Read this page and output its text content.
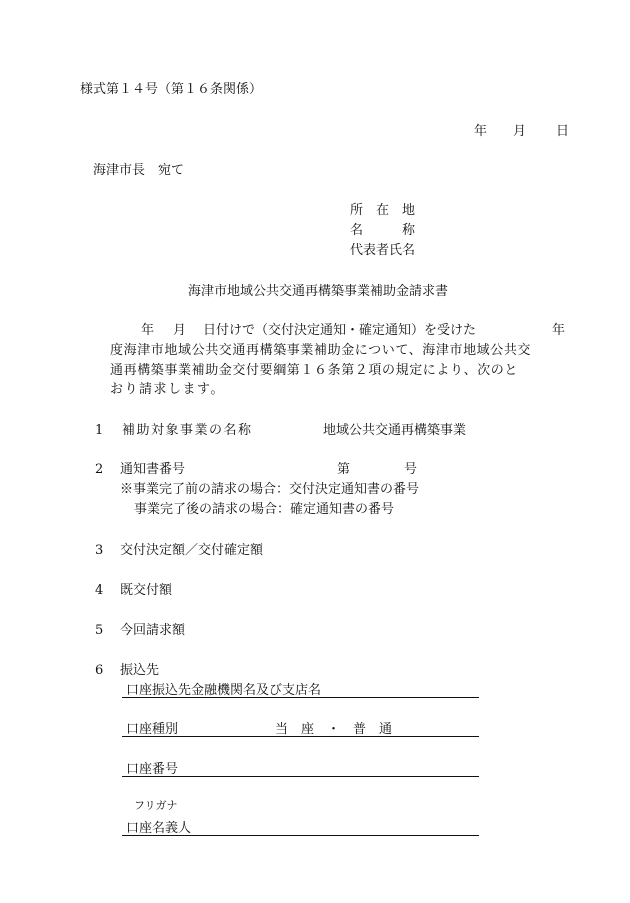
様式第１４号（第１６条関係）
年 月 日
海津市長　宛て
所　在　地
名　　　称
代表者氏名
海津市地域公共交通再構築事業補助金請求書
年 月 日付けで（交付決定通知・確定通知）を受けた	年
度海津市地域公共交通再構築事業補助金について、海津市地域公共交
通再構築事業補助金交付要綱第１６条第２項の規定により、次のと
おり請求します。
1 補助対象事業の名称	地域公共交通再構築事業
2 通知書番号	第	号
※事業完了前の請求の場合：交付決定通知書の番号
事業完了後の請求の場合：確定通知書の番号
3 交付決定額／交付確定額
4 既交付額
5 今回請求額
6 振込先
口座振込先金融機関名及び支店名
口座種別	当　座　・　普　通
口座番号
フリガナ
口座名義人
